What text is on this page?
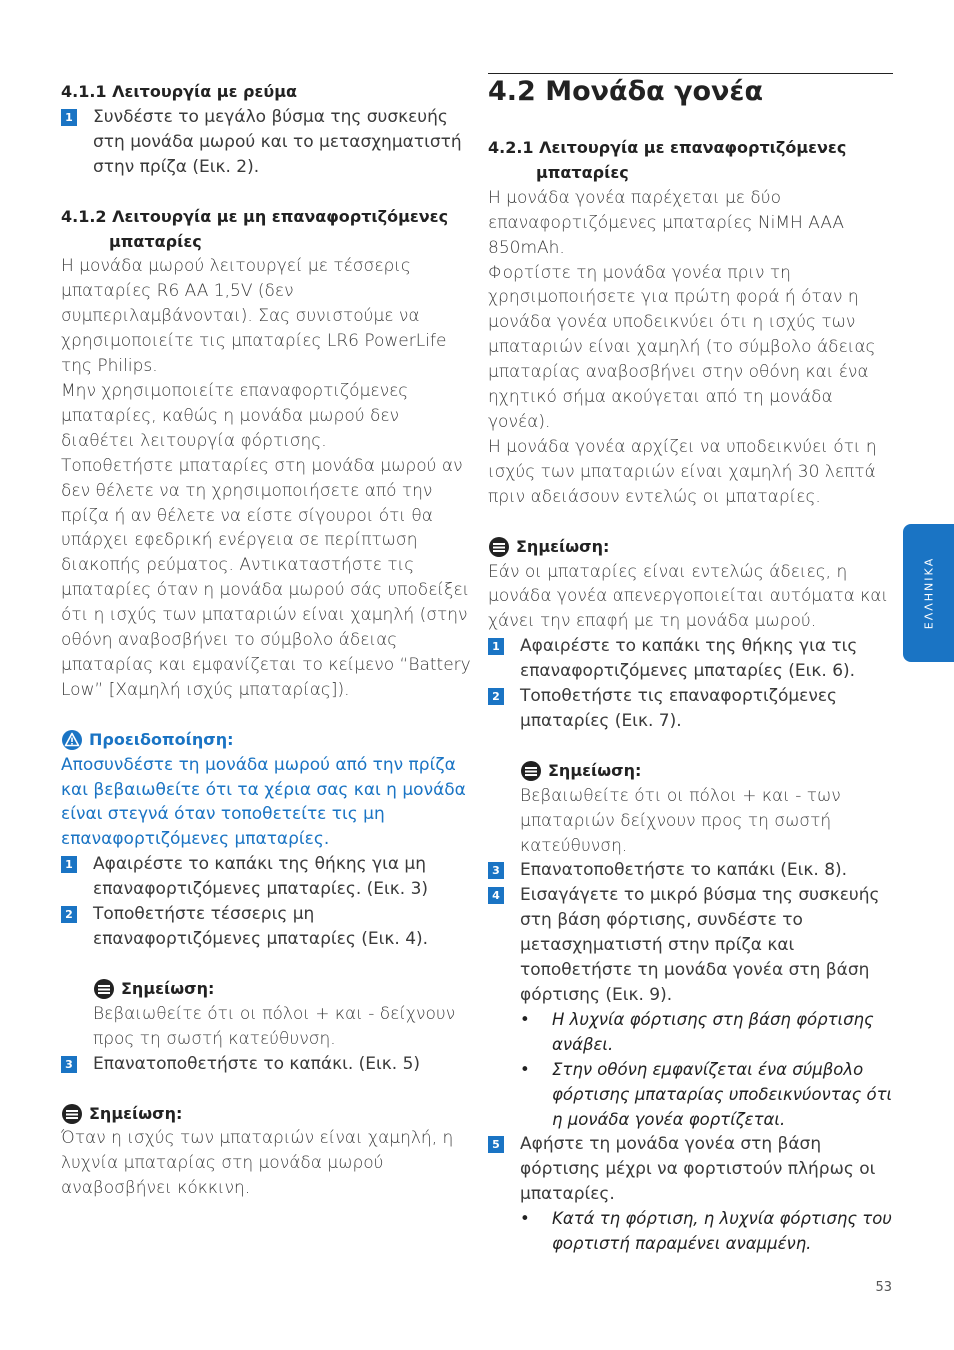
4.1.1 Λειτουργία με ρεύμα

1 Συνδέστε το μεγάλο βύσμα της συσκευής στη μονάδα μωρού και το μετασχηματιστή στην πρίζα (Εικ. 2).

4.1.2 Λειτουργία με μη επαναφορτιζόμενες
μπαταρίες

Η μονάδα μωρού λειτουργεί με τέσσερις μπαταρίες R6 AA 1,5V (δεν συμπεριλαμβάνονται). Σας συνιστούμε να χρησιμοποιείτε τις μπαταρίες LR6 PowerLife της Philips.

Μην χρησιμοποιείτε επαναφορτιζόμενες μπαταρίες, καθώς η μονάδα μωρού δεν διαθέτει λειτουργία φόρτισης.

Τοποθετήστε μπαταρίες στη μονάδα μωρού αν δεν θέλετε να τη χρησιμοποιήσετε από την πρίζα ή αν θέλετε να είστε σίγουροι ότι θα υπάρχει εφεδρική ενέργεια σε περίπτωση διακοπής ρεύματος. Αντικαταστήστε τις μπαταρίες όταν η μονάδα μωρού σάς υποδείξει ότι η ισχύς των μπαταριών είναι χαμηλή (στην οθόνη αναβοσβήνει το σύμβολο άδειας μπαταρίας και εμφανίζεται το κείμενο “Battery Low” [Χαμηλή ισχύς μπαταρίας]).

Προειδοποίηση:
Αποσυνδέστε τη μονάδα μωρού από την πρίζα και βεβαιωθείτε ότι τα χέρια σας και η μονάδα είναι στεγνά όταν τοποθετείτε τις μη επαναφορτιζόμενες μπαταρίες.
1 Αφαιρέστε το καπάκι της θήκης για μη επαναφορτιζόμενες μπαταρίες. (Εικ. 3)
2 Τοποθετήστε τέσσερις μη επαναφορτιζόμενες μπαταρίες (Εικ. 4).
Σημείωση:

Βεβαιωθείτε ότι οι πόλοι + και - δείχνουν προς τη σωστή κατεύθυνση.

3 Επανατοποθετήστε το καπάκι. (Εικ. 5)
Σημείωση:

Όταν η ισχύς των μπαταριών είναι χαμηλή, η λυχνία μπαταρίας στη μονάδα μωρού αναβοσβήνει κόκκινη.

4.2 Μονάδα γονέα

4.2.1 Λειτουργία με επαναφορτιζόμενες
μπαταρίες

Η μονάδα γονέα παρέχεται με δύο επαναφορτιζόμενες μπαταρίες NiMH AAA 850mAh.

Φορτίστε τη μονάδα γονέα πριν τη χρησιμοποιήσετε για πρώτη φορά ή όταν η μονάδα γονέα υποδεικνύει ότι η ισχύς των μπαταριών είναι χαμηλή (το σύμβολο άδειας μπαταρίας αναβοσβήνει στην οθόνη και ένα ηχητικό σήμα ακούγεται από τη μονάδα γονέα).

Η μονάδα γονέα αρχίζει να υποδεικνύει ότι η ισχύς των μπαταριών είναι χαμηλή 30 λεπτά πριν αδειάσουν εντελώς οι μπαταρίες.

Σημείωση:

Εάν οι μπαταρίες είναι εντελώς άδειες, η μονάδα γονέα απενεργοποιείται αυτόματα και χάνει την επαφή με τη μονάδα μωρού.

1 Αφαιρέστε το καπάκι της θήκης για τις επαναφορτιζόμενες μπαταρίες (Εικ. 6).
2 Τοποθετήστε τις επαναφορτιζόμενες μπαταρίες (Εικ. 7).
Σημείωση:

Βεβαιωθείτε ότι οι πόλοι + και - των μπαταριών δείχνουν προς τη σωστή κατεύθυνση.

3 Επανατοποθετήστε το καπάκι (Εικ. 8).
4 Εισαγάγετε το μικρό βύσμα της συσκευής στη βάση φόρτισης, συνδέστε το μετασχηματιστή στην πρίζα και τοποθετήστε τη μονάδα γονέα στη βάση φόρτισης (Εικ. 9).
• Η λυχνία φόρτισης στη βάση φόρτισης ανάβει.
• Στην οθόνη εμφανίζεται ένα σύμβολο φόρτισης μπαταρίας υποδεικνύοντας ότι η μονάδα γονέα φορτίζεται.
5 Αφήστε τη μονάδα γονέα στη βάση φόρτισης μέχρι να φορτιστούν πλήρως οι μπαταρίες.
• Κατά τη φόρτιση, η λυχνία φόρτισης του φορτιστή παραμένει αναμμένη.
ΕΛΛΗΝΙΚΑ
53
